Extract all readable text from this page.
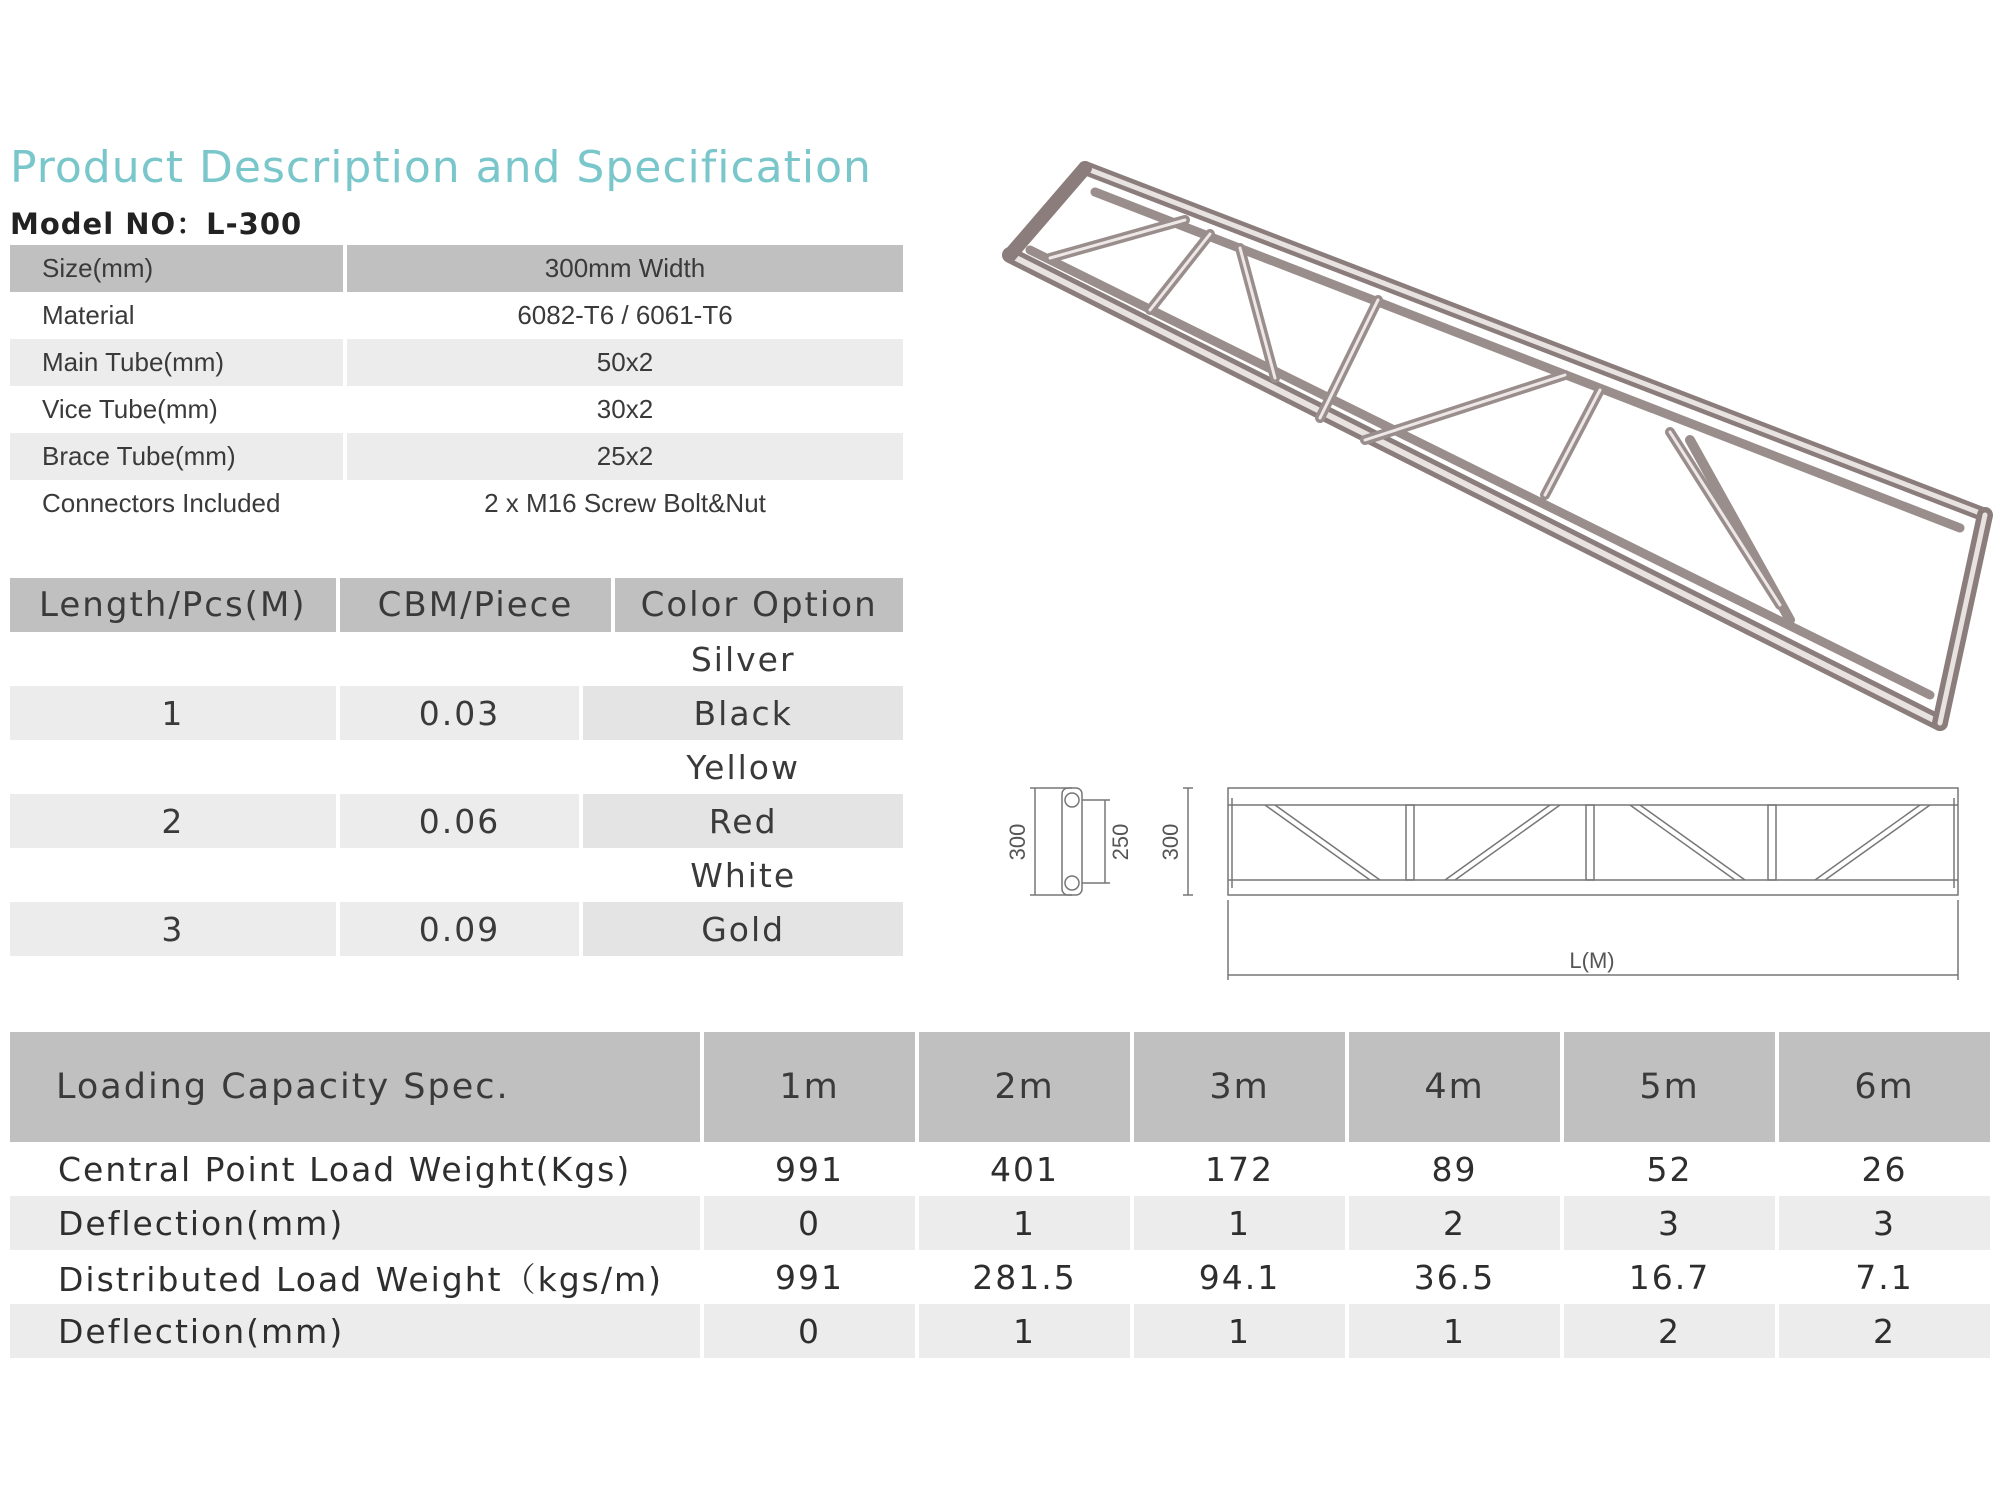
Product Description and Specification
Model NO：L-300
Size(mm)	300mm Width
Material	6082-T6 / 6061-T6
Main Tube(mm)	50x2
Vice Tube(mm)	30x2
Brace Tube(mm)	25x2
Connectors Included	2 x M16 Screw Bolt&Nut
Length/Pcs(M)	CBM/Piece	Color Option
Silver
1	0.03	Black
Yellow
2	0.06	Red
White
3	0.09	Gold
300	250 300
L(M)
Loading Capacity Spec.	1m	2m	3m	4m	5m	6m
Central Point Load Weight(Kgs)	991	401	172	89	52	26
Deflection(mm)	0	1	1	2	3	3
Distributed Load Weight（kgs/m)	991	281.5	94.1	36.5	16.7	7.1
Deflection(mm)	0	1	1	1	2	2
